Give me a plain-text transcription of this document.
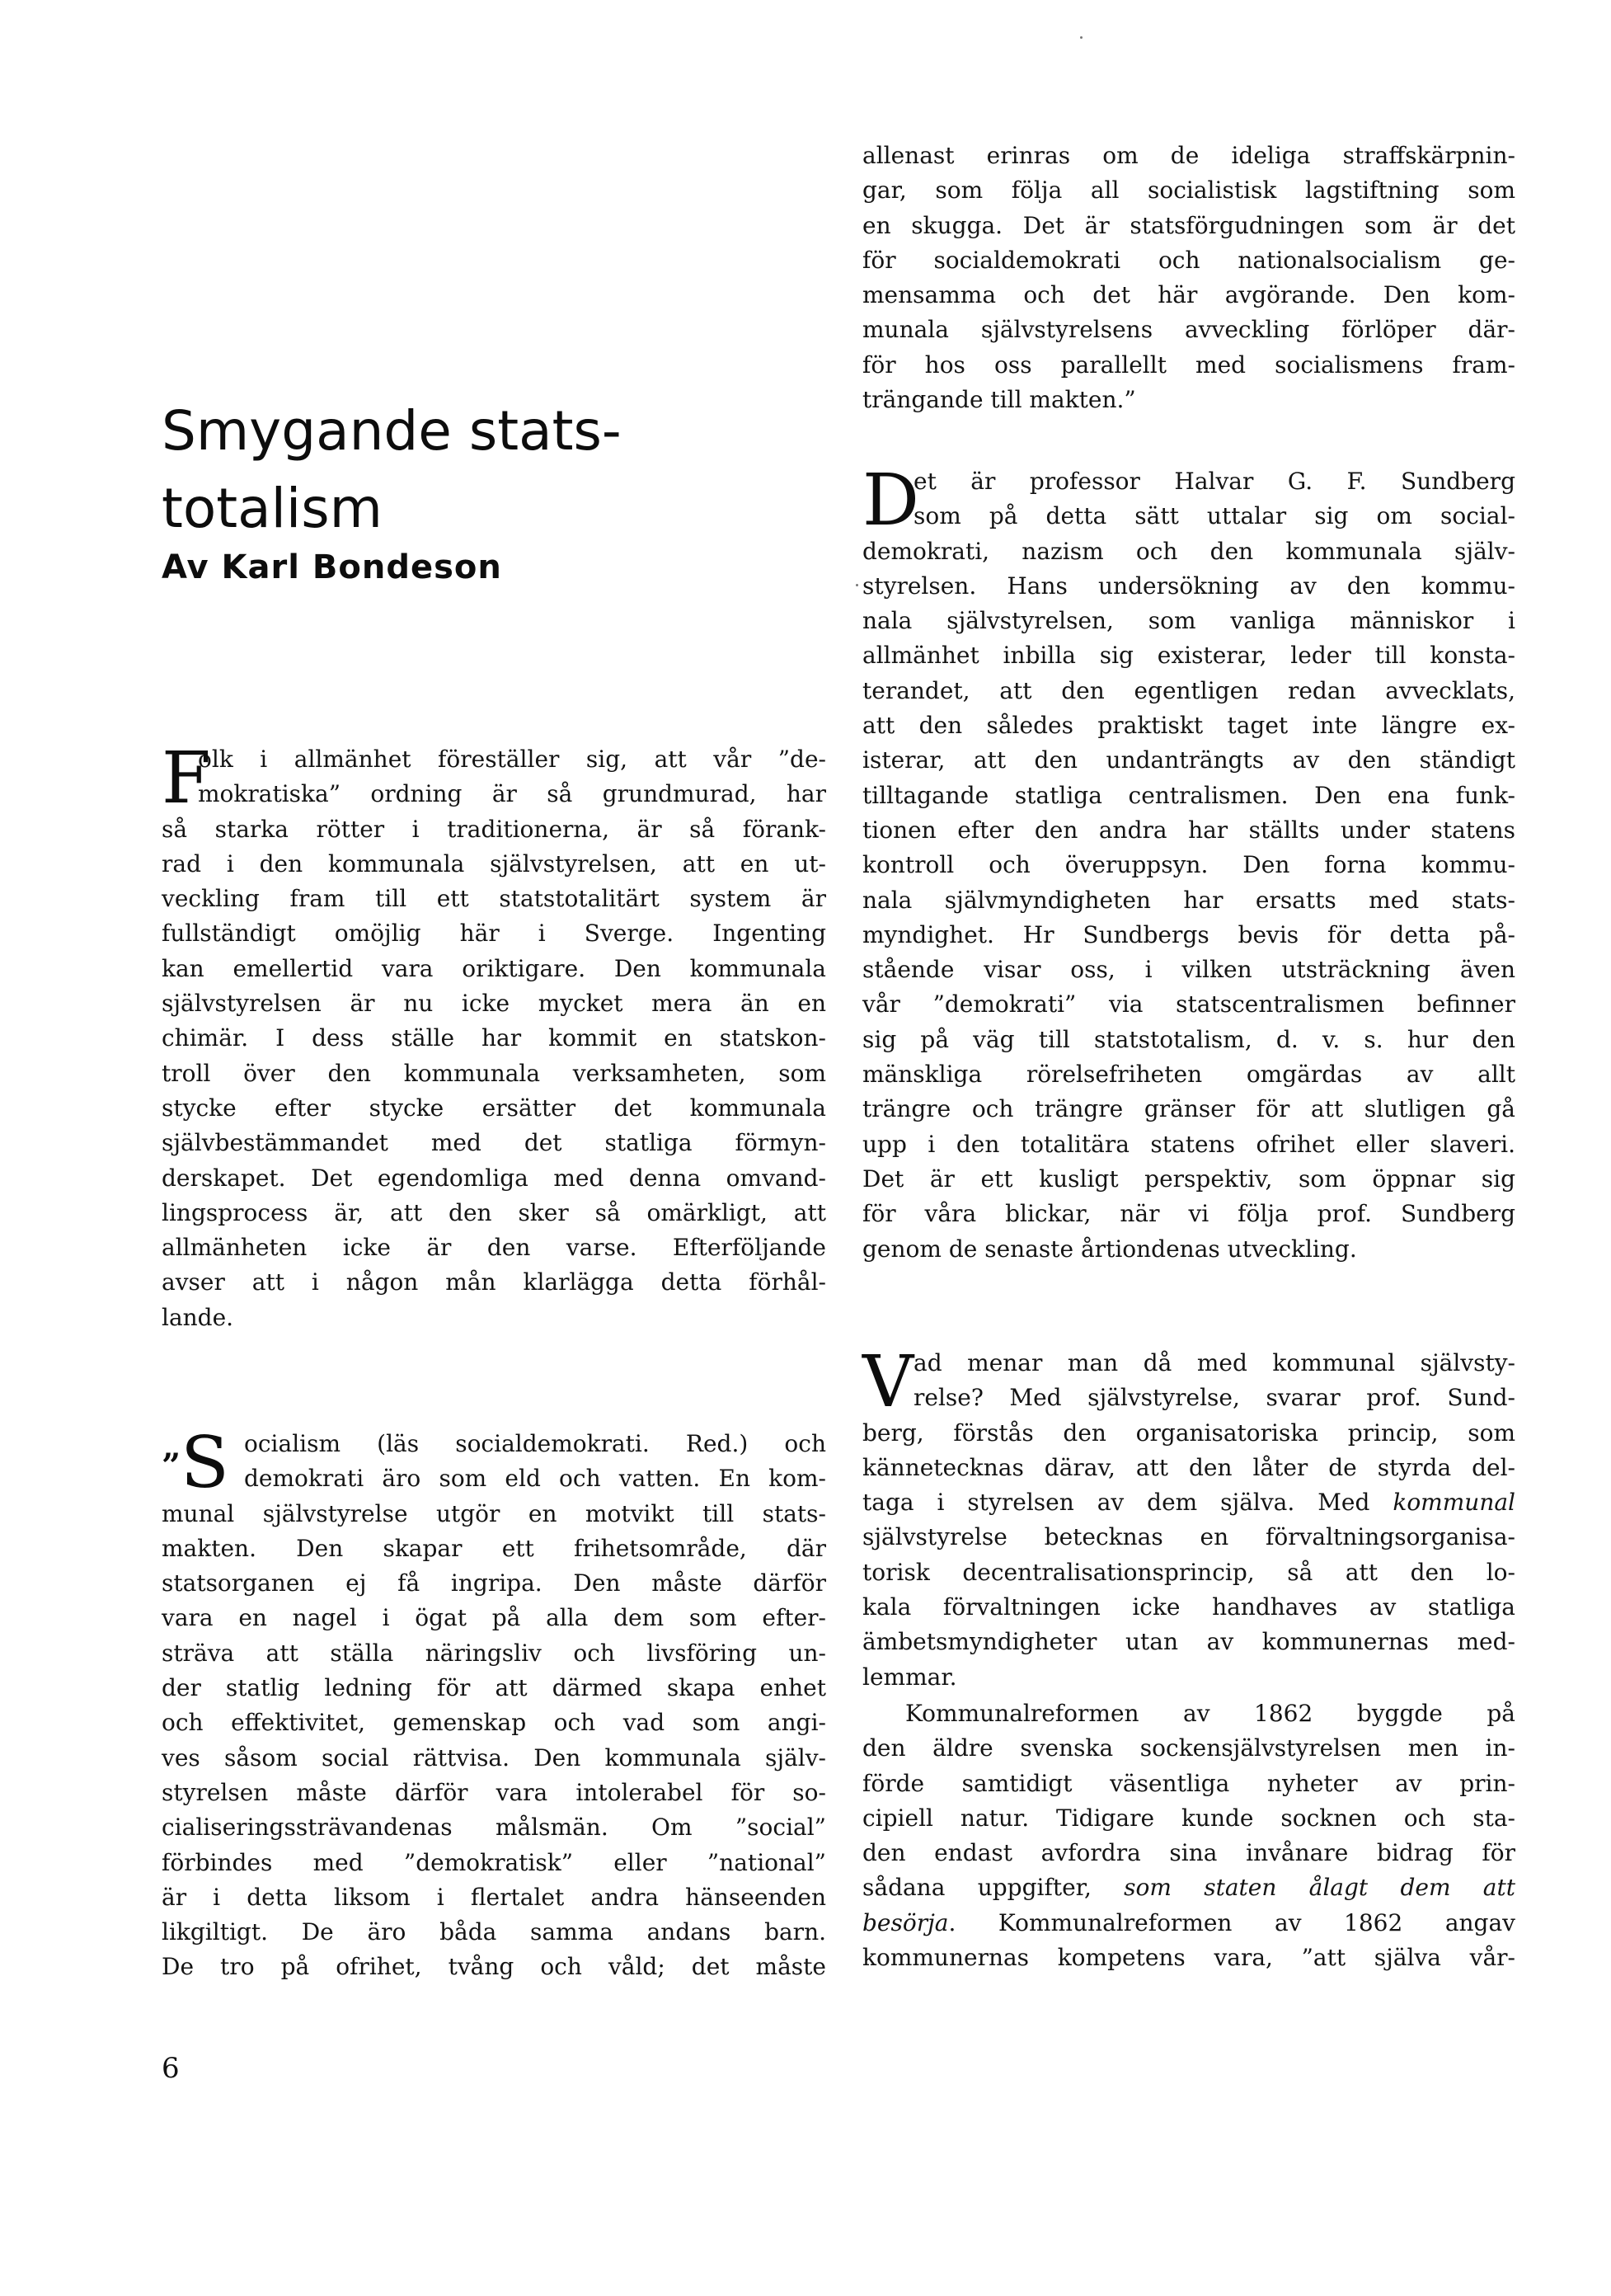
Smygande stats-
totalism
Av Karl Bondeson
F
olk i allmänhet föreställer sig, att vår ”de-
mokratiska” ordning är så grundmurad, har
så starka rötter i traditionerna, är så förank-
rad i den kommunala självstyrelsen, att en ut-
veckling fram till ett statstotalitärt system är
fullständigt omöjlig här i Sverge. Ingenting
kan emellertid vara oriktigare. Den kommunala
självstyrelsen är nu icke mycket mera än en
chimär. I dess ställe har kommit en statskon-
troll över den kommunala verksamheten, som
stycke efter stycke ersätter det kommunala
självbestämmandet med det statliga förmyn-
derskapet. Det egendomliga med denna omvand-
lingsprocess är, att den sker så omärkligt, att
allmänheten icke är den varse. Efterföljande
avser att i någon mån klarlägga detta förhål-
lande.
”S ocialism (läs socialdemokrati. Red.) och
demokrati äro som eld och vatten. En kom-
munal självstyrelse utgör en motvikt till stats-
makten. Den skapar ett frihetsområde, där
statsorganen ej få ingripa. Den måste därför
vara en nagel i ögat på alla dem som efter-
sträva att ställa näringsliv och livsföring un-
der statlig ledning för att därmed skapa enhet
och effektivitet, gemenskap och vad som angi-
ves såsom social rättvisa. Den kommunala själv-
styrelsen måste därför vara intolerabel för so-
cialiseringssträvandenas målsmän. Om ”social”
förbindes med ”demokratisk” eller ”national”
är i detta liksom i flertalet andra hänseenden
likgiltigt. De äro båda samma andans barn.
De tro på ofrihet, tvång och våld; det måste
allenast erinras om de ideliga straffskärpnin-
gar, som följa all socialistisk lagstiftning som
en skugga. Det är statsförgudningen som är det
för socialdemokrati och nationalsocialism ge-
mensamma och det här avgörande. Den kom-
munala självstyrelsens avveckling förlöper där-
för hos oss parallellt med socialismens fram-
trängande till makten.”
D
et är professor Halvar G. F. Sundberg
som på detta sätt uttalar sig om social-
demokrati, nazism och den kommunala själv-
styrelsen. Hans undersökning av den kommu-
nala självstyrelsen, som vanliga människor i
allmänhet inbilla sig existerar, leder till konsta-
terandet, att den egentligen redan avvecklats,
att den således praktiskt taget inte längre ex-
isterar, att den undanträngts av den ständigt
tilltagande statliga centralismen. Den ena funk-
tionen efter den andra har ställts under statens
kontroll och överuppsyn. Den forna kommu-
nala självmyndigheten har ersatts med stats-
myndighet. Hr Sundbergs bevis för detta på-
stående visar oss, i vilken utsträckning även
vår ”demokrati” via statscentralismen befinner
sig på väg till statstotalism, d. v. s. hur den
mänskliga rörelsefriheten omgärdas av allt
trängre och trängre gränser för att slutligen gå
upp i den totalitära statens ofrihet eller slaveri.
Det är ett kusligt perspektiv, som öppnar sig
för våra blickar, när vi följa prof. Sundberg
genom de senaste årtiondenas utveckling.
V ad menar man då med kommunal självsty-
relse? Med självstyrelse, svarar prof. Sund-
berg, förstås den organisatoriska princip, som
kännetecknas därav, att den låter de styrda del-
taga i styrelsen av dem själva. Med kommunal
självstyrelse betecknas en förvaltningsorganisa-
torisk decentralisationsprincip, så att den lo-
kala förvaltningen icke handhaves av statliga
ämbetsmyndigheter utan av kommunernas med-
lemmar.
Kommunalreformen av 1862 byggde på
den äldre svenska sockensjälvstyrelsen men in-
förde samtidigt väsentliga nyheter av prin-
cipiell natur. Tidigare kunde socknen och sta-
den endast avfordra sina invånare bidrag för
sådana uppgifter, som staten ålagt dem att
besörja. Kommunalreformen av 1862 angav
kommunernas kompetens vara, ”att själva vår-
6
